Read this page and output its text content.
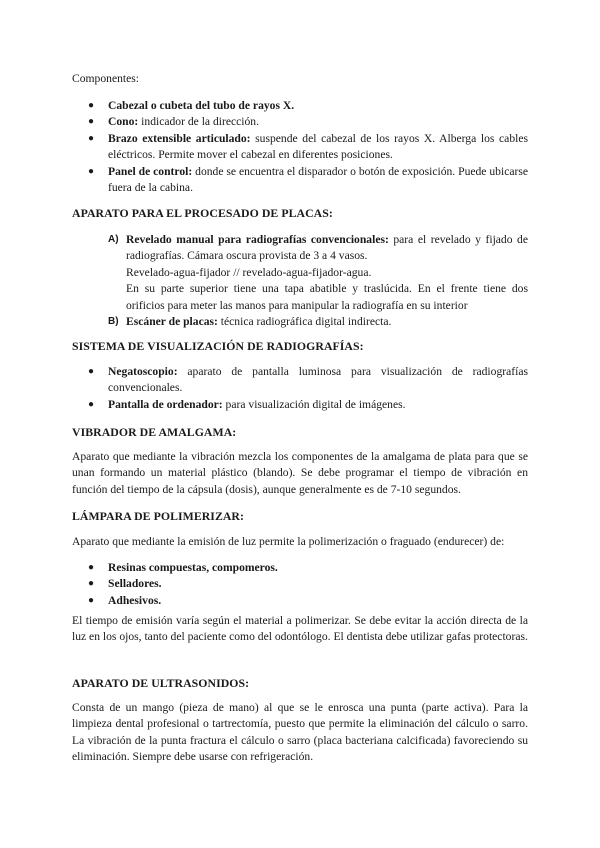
Componentes:

● Cabezal o cubeta del tubo de rayos X.
● Cono: indicador de la dirección.
● Brazo extensible articulado: suspende del cabezal de los rayos X. Alberga los cables eléctricos. Permite mover el cabezal en diferentes posiciones.
● Panel de control: donde se encuentra el disparador o botón de exposición. Puede ubicarse fuera de la cabina.

APARATO PARA EL PROCESADO DE PLACAS:

A) Revelado manual para radiografías convencionales: para el revelado y fijado de radiografías. Cámara oscura provista de 3 a 4 vasos.
Revelado-agua-fijador // revelado-agua-fijador-agua.
En su parte superior tiene una tapa abatible y traslúcida. En el frente tiene dos orificios para meter las manos para manipular la radiografía en su interior
B) Escáner de placas: técnica radiográfica digital indirecta.

SISTEMA DE VISUALIZACIÓN DE RADIOGRAFÍAS:

● Negatoscopio: aparato de pantalla luminosa para visualización de radiografías convencionales.
● Pantalla de ordenador: para visualización digital de imágenes.

VIBRADOR DE AMALGAMA:

Aparato que mediante la vibración mezcla los componentes de la amalgama de plata para que se unan formando un material plástico (blando). Se debe programar el tiempo de vibración en función del tiempo de la cápsula (dosis), aunque generalmente es de 7-10 segundos.

LÁMPARA DE POLIMERIZAR:

Aparato que mediante la emisión de luz permite la polimerización o fraguado (endurecer) de:

● Resinas compuestas, compomeros.
● Selladores.
● Adhesivos.

El tiempo de emisión varía según el material a polimerizar. Se debe evitar la acción directa de la luz en los ojos, tanto del paciente como del odontólogo. El dentista debe utilizar gafas protectoras.

APARATO DE ULTRASONIDOS:

Consta de un mango (pieza de mano) al que se le enrosca una punta (parte activa). Para la limpieza dental profesional o tartrectomía, puesto que permite la eliminación del cálculo o sarro. La vibración de la punta fractura el cálculo o sarro (placa bacteriana calcificada) favoreciendo su eliminación. Siempre debe usarse con refrigeración.
